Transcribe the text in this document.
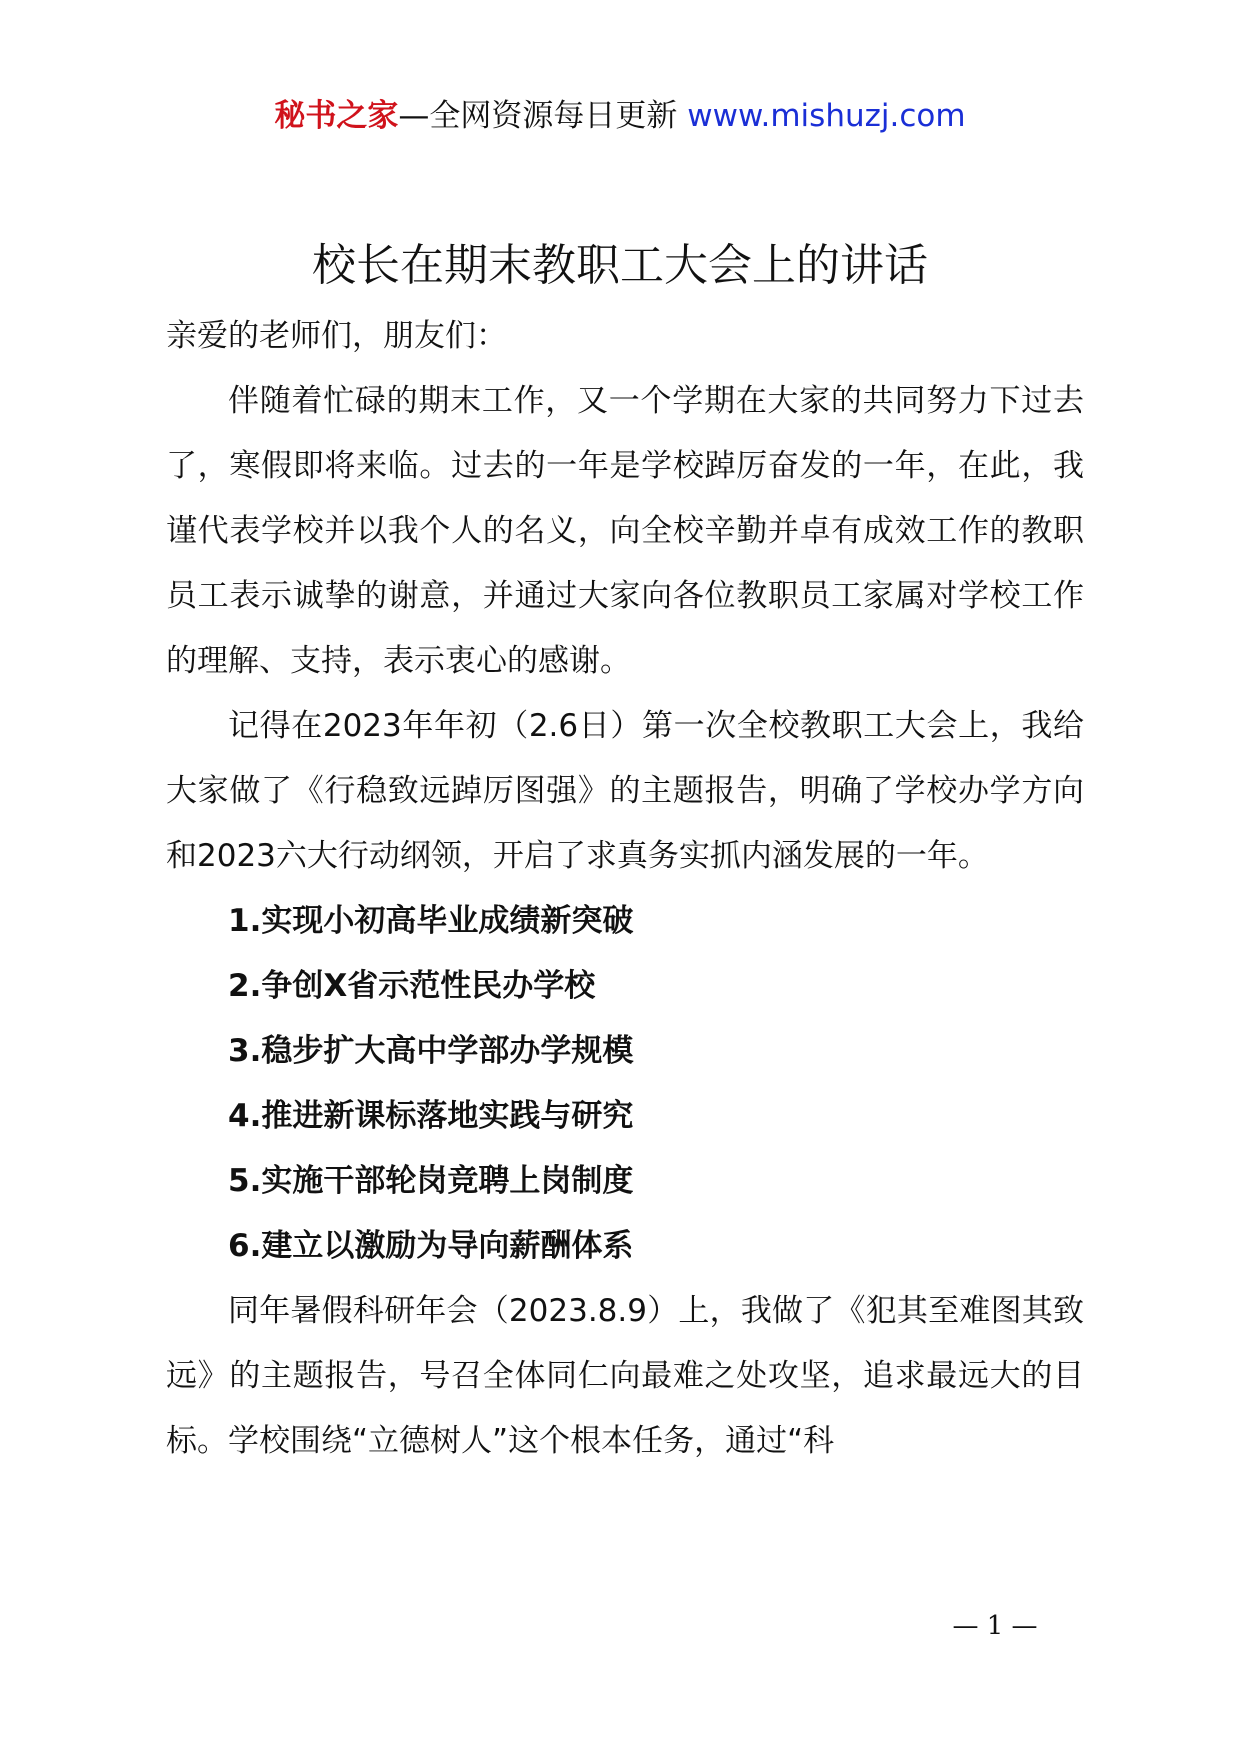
秘书之家—全网资源每日更新 www.mishuzj.com
校长在期末教职工大会上的讲话

亲爱的老师们，朋友们：

伴随着忙碌的期末工作，又一个学期在大家的共同努力下过去了，寒假即将来临。过去的一年是学校踔厉奋发的一年，在此，我谨代表学校并以我个人的名义，向全校辛勤并卓有成效工作的教职员工表示诚挚的谢意，并通过大家向各位教职员工家属对学校工作的理解、支持，表示衷心的感谢。

记得在2023年年初（2.6日）第一次全校教职工大会上，我给大家做了《行稳致远踔厉图强》的主题报告，明确了学校办学方向和2023六大行动纲领，开启了求真务实抓内涵发展的一年。

1.实现小初高毕业成绩新突破

2.争创X省示范性民办学校

3.稳步扩大高中学部办学规模

4.推进新课标落地实践与研究

5.实施干部轮岗竞聘上岗制度

6.建立以激励为导向薪酬体系

同年暑假科研年会（2023.8.9）上，我做了《犯其至难图其致远》的主题报告，号召全体同仁向最难之处攻坚，追求最远大的目标。学校围绕“立德树人”这个根本任务，通过“科

— 1 —
